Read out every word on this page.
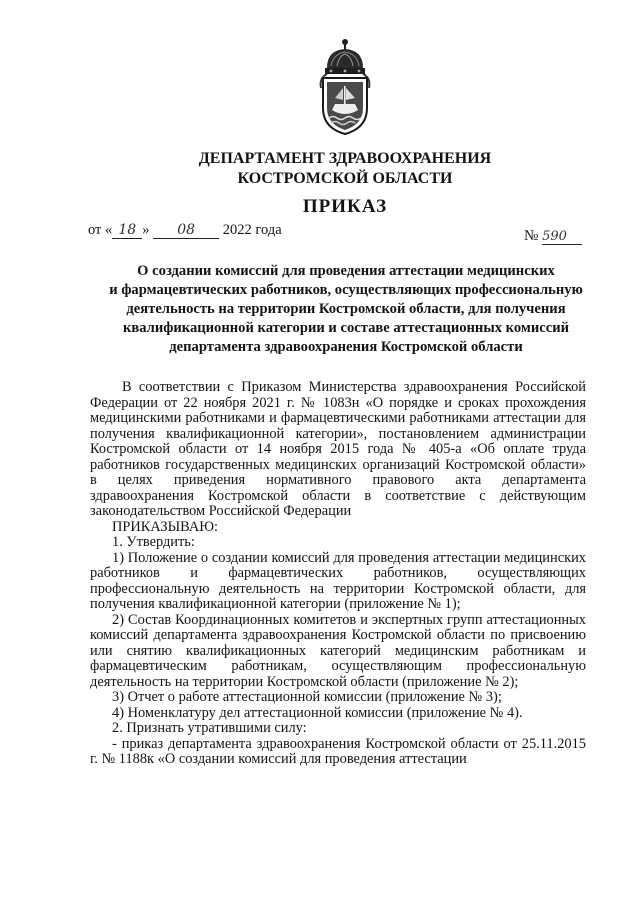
ДЕПАРТАМЕНТ ЗДРАВООХРАНЕНИЯ
КОСТРОМСКОЙ ОБЛАСТИ
ПРИКАЗ
от « 18 » 08 2022 года	№ 590
О создании комиссий для проведения аттестации медицинских
и фармацевтических работников, осуществляющих профессиональную
деятельность на территории Костромской области, для получения
квалификационной категории и составе аттестационных комиссий
департамента здравоохранения Костромской области

В соответствии с Приказом Министерства здравоохранения Российской Федерации от 22 ноября 2021 г. № 1083н «О порядке и сроках прохождения медицинскими работниками и фармацевтическими работниками аттестации для получения квалификационной категории», постановлением администрации Костромской области от 14 ноября 2015 года № 405-а «Об оплате труда работников государственных медицинских организаций Костромской области» в целях приведения нормативного правового акта департамента здравоохранения Костромской области в соответствие с действующим законодательством Российской Федерации

ПРИКАЗЫВАЮ:

1. Утвердить:

1) Положение о создании комиссий для проведения аттестации медицинских работников и фармацевтических работников, осуществляющих профессиональную деятельность на территории Костромской области, для получения квалификационной категории (приложение № 1);

2) Состав Координационных комитетов и экспертных групп аттестационных комиссий департамента здравоохранения Костромской области по присвоению или снятию квалификационных категорий медицинским работникам и фармацевтическим работникам, осуществляющим профессиональную деятельность на территории Костромской области (приложение № 2);

3) Отчет о работе аттестационной комиссии (приложение № 3);

4) Номенклатуру дел аттестационной комиссии (приложение № 4).

2. Признать утратившими силу:

- приказ департамента здравоохранения Костромской области от 25.11.2015 г. № 1188к «О создании комиссий для проведения аттестации
